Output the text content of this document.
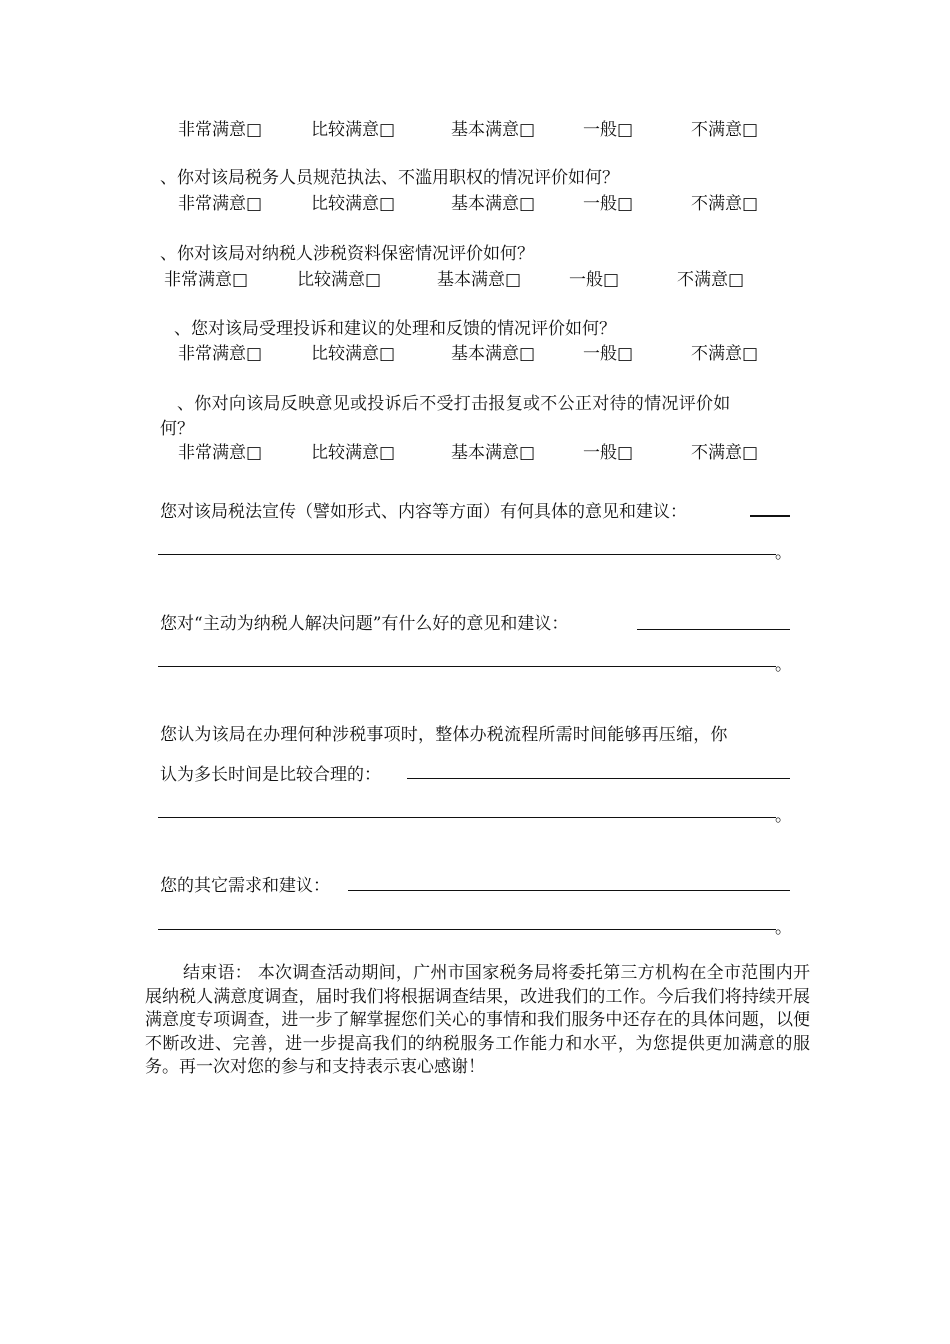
非常满意□	比较满意□	基本满意□	一般□	不满意□
、你对该局税务人员规范执法、不滥用职权的情况评价如何？
非常满意□	比较满意□	基本满意□	一般□	不满意□
、你对该局对纳税人涉税资料保密情况评价如何？
非常满意□	比较满意□	基本满意□	一般□	不满意□
、您对该局受理投诉和建议的处理和反馈的情况评价如何？
非常满意□	比较满意□	基本满意□	一般□	不满意□
、你对向该局反映意见或投诉后不受打击报复或不公正对待的情况评价如
何？
非常满意□	比较满意□	基本满意□	一般□	不满意□
您对该局税法宣传（譬如形式、内容等方面）有何具体的意见和建议：
。
您对“主动为纳税人解决问题”有什么好的意见和建议：
。
您认为该局在办理何种涉税事项时，整体办税流程所需时间能够再压缩，你
认为多长时间是比较合理的：
。
您的其它需求和建议：
。
结束语： 本次调查活动期间，广州市国家税务局将委托第三方机构在全市范围内开展纳税人满意度调查，届时我们将根据调查结果，改进我们的工作。今后我们将持续开展满意度专项调查，进一步了解掌握您们关心的事情和我们服务中还存在的具体问题，以便不断改进、完善，进一步提高我们的纳税服务工作能力和水平，为您提供更加满意的服务。再一次对您的参与和支持表示衷心感谢！
